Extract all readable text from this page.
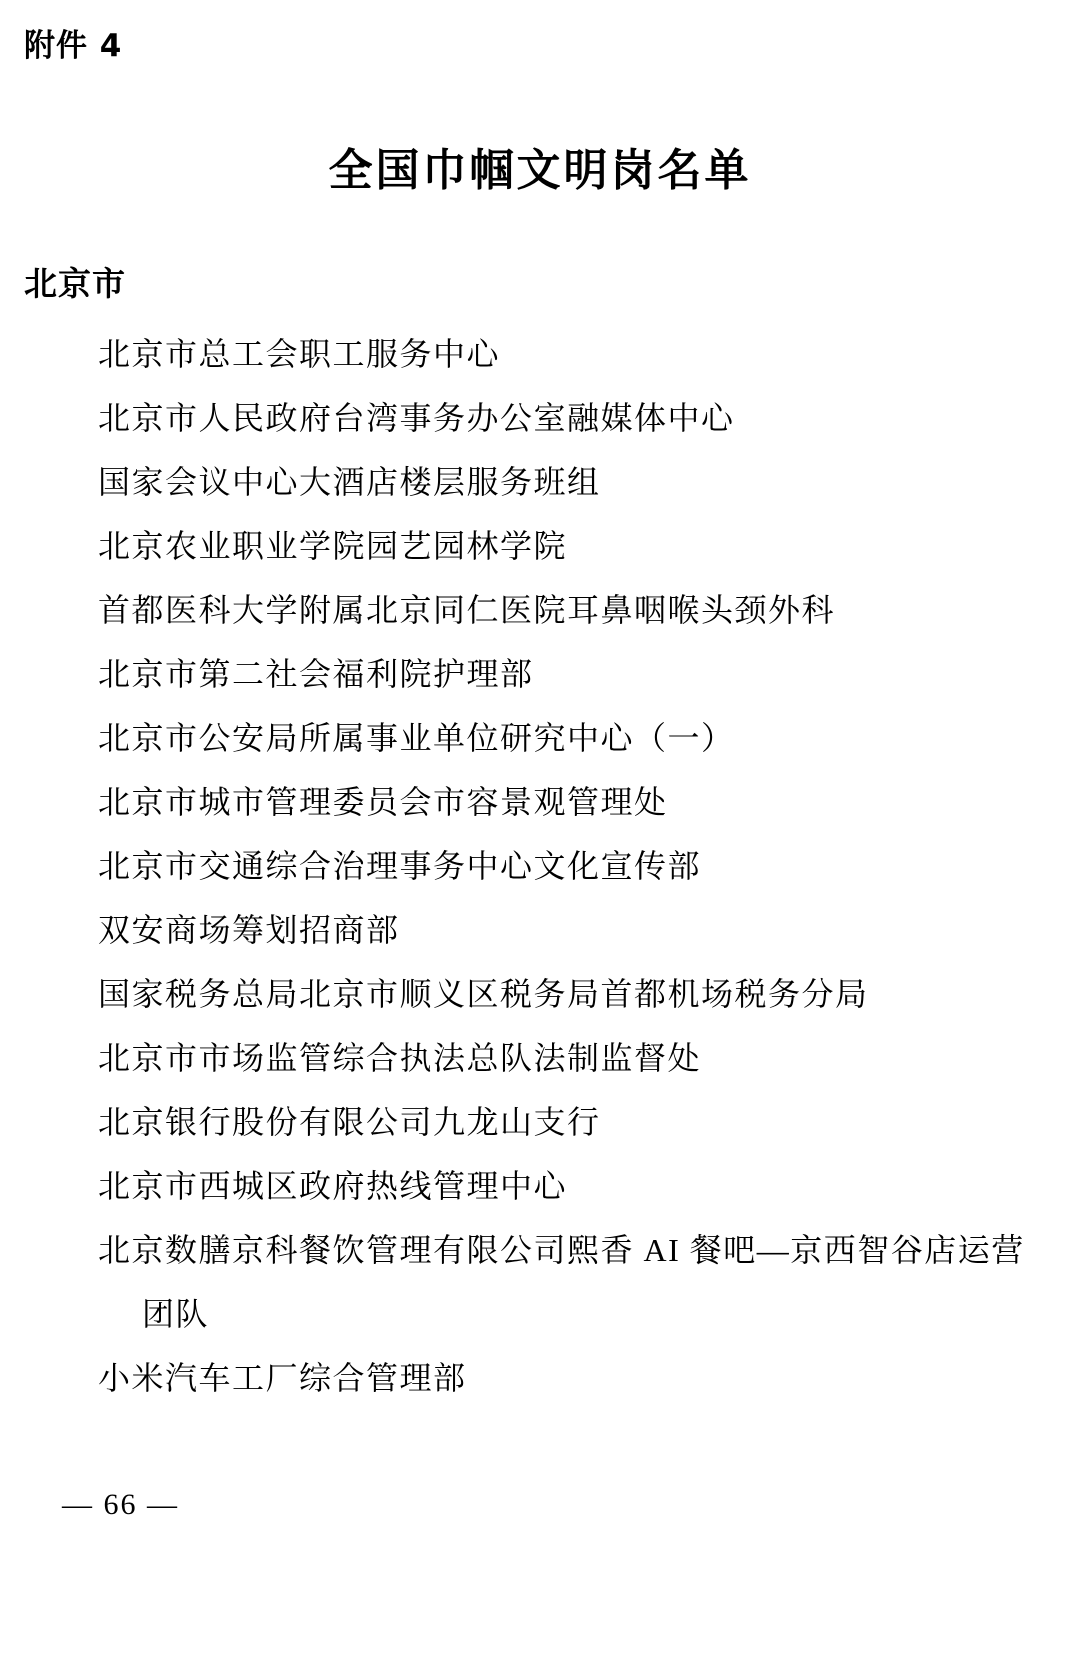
附件 4
全国巾帼文明岗名单
北京市
北京市总工会职工服务中心
北京市人民政府台湾事务办公室融媒体中心
国家会议中心大酒店楼层服务班组
北京农业职业学院园艺园林学院
首都医科大学附属北京同仁医院耳鼻咽喉头颈外科
北京市第二社会福利院护理部
北京市公安局所属事业单位研究中心（一）
北京市城市管理委员会市容景观管理处
北京市交通综合治理事务中心文化宣传部
双安商场筹划招商部
国家税务总局北京市顺义区税务局首都机场税务分局
北京市市场监管综合执法总队法制监督处
北京银行股份有限公司九龙山支行
北京市西城区政府热线管理中心
北京数膳京科餐饮管理有限公司熙香 AI 餐吧—京西智谷店运营团队
小米汽车工厂综合管理部
— 66 —
